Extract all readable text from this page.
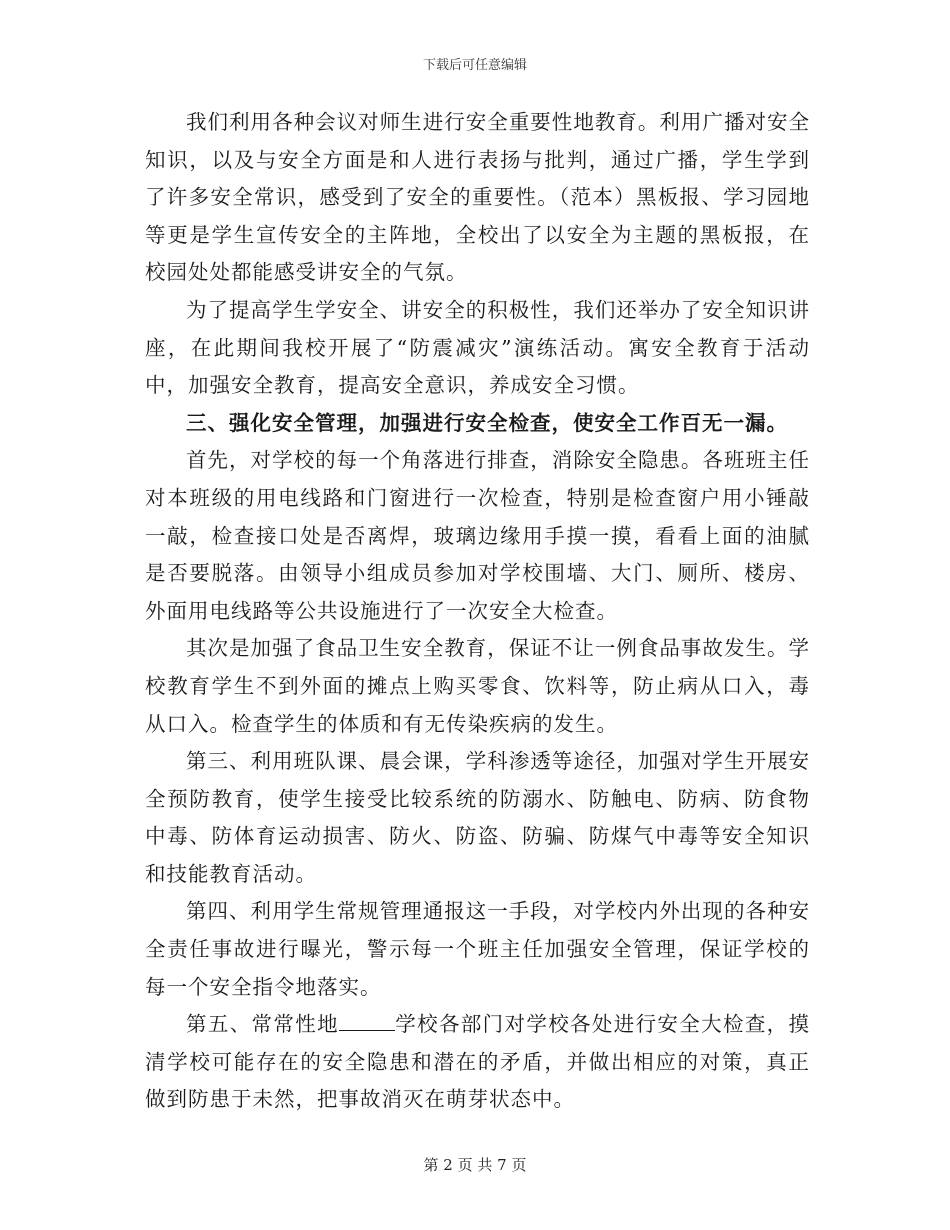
下载后可任意编辑

我们利用各种会议对师生进行安全重要性地教育。利用广播对安全知识，以及与安全方面是和人进行表扬与批判，通过广播，学生学到了许多安全常识，感受到了安全的重要性。（范本）黑板报、学习园地等更是学生宣传安全的主阵地，全校出了以安全为主题的黑板报，在校园处处都能感受讲安全的气氛。

为了提高学生学安全、讲安全的积极性，我们还举办了安全知识讲座，在此期间我校开展了“防震减灾”演练活动。寓安全教育于活动中，加强安全教育，提高安全意识，养成安全习惯。

三、强化安全管理，加强进行安全检查，使安全工作百无一漏。

首先，对学校的每一个角落进行排查，消除安全隐患。各班班主任对本班级的用电线路和门窗进行一次检查，特别是检查窗户用小锤敲一敲，检查接口处是否离焊，玻璃边缘用手摸一摸，看看上面的油腻是否要脱落。由领导小组成员参加对学校围墙、大门、厕所、楼房、外面用电线路等公共设施进行了一次安全大检查。

其次是加强了食品卫生安全教育，保证不让一例食品事故发生。学校教育学生不到外面的摊点上购买零食、饮料等，防止病从口入，毒从口入。检查学生的体质和有无传染疾病的发生。

第三、利用班队课、晨会课，学科渗透等途径，加强对学生开展安全预防教育，使学生接受比较系统的防溺水、防触电、防病、防食物中毒、防体育运动损害、防火、防盗、防骗、防煤气中毒等安全知识和技能教育活动。

第四、利用学生常规管理通报这一手段，对学校内外出现的各种安全责任事故进行曝光，警示每一个班主任加强安全管理，保证学校的每一个安全指令地落实。

第五、常常性地	学校各部门对学校各处进行安全大检查，摸清学校可能存在的安全隐患和潜在的矛盾，并做出相应的对策，真正做到防患于未然，把事故消灭在萌芽状态中。

第 2 页 共 7 页
